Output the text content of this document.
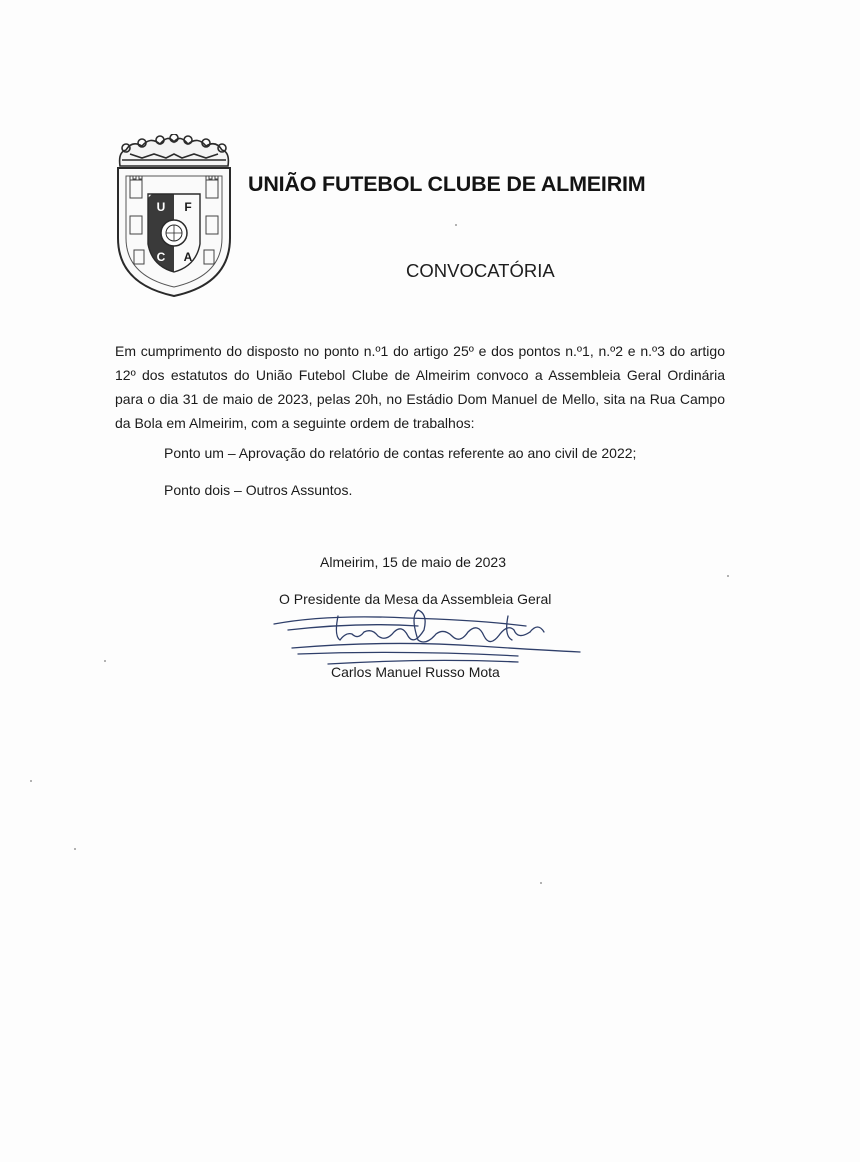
U F
C A
UNIÃO FUTEBOL CLUBE DE ALMEIRIM
CONVOCATÓRIA

Em cumprimento do disposto no ponto n.º1 do artigo 25º e dos pontos n.º1, n.º2 e n.º3 do artigo 12º dos estatutos do União Futebol Clube de Almeirim convoco a Assembleia Geral Ordinária para o dia 31 de maio de 2023, pelas 20h, no Estádio Dom Manuel de Mello, sita na Rua Campo da Bola em Almeirim, com a seguinte ordem de trabalhos:

Ponto um – Aprovação do relatório de contas referente ao ano civil de 2022;
Ponto dois – Outros Assuntos.
Almeirim, 15 de maio de 2023
O Presidente da Mesa da Assembleia Geral
Carlos Manuel Russo Mota
